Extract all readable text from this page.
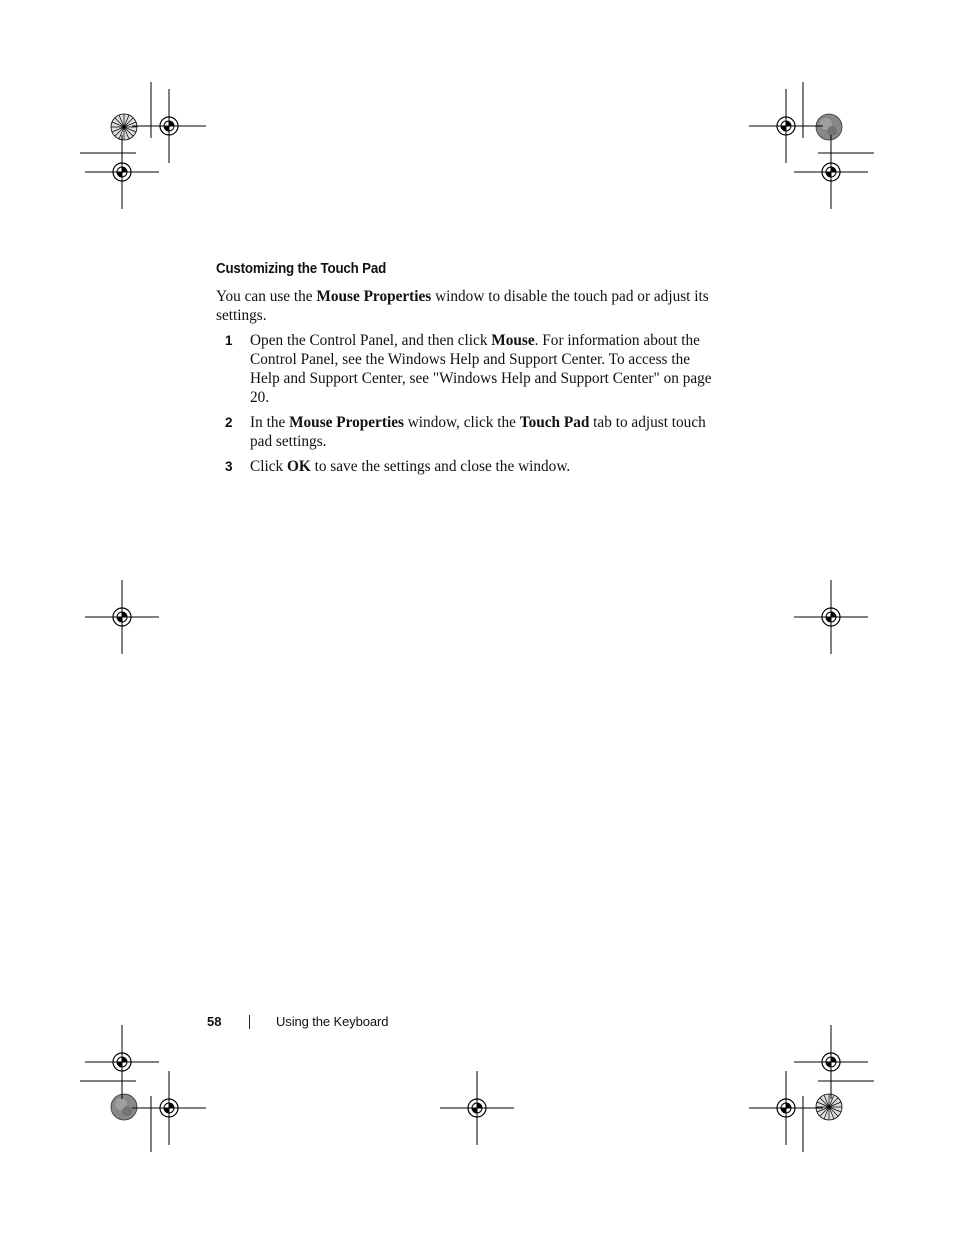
Customizing the Touch Pad

You can use the Mouse Properties window to disable the touch pad or adjust its settings.

1 Open the Control Panel, and then click Mouse. For information about the Control Panel, see the Windows Help and Support Center. To access the Help and Support Center, see "Windows Help and Support Center" on page 20.
2 In the Mouse Properties window, click the Touch Pad tab to adjust touch pad settings.
3 Click OK to save the settings and close the window.
58	Using the Keyboard
